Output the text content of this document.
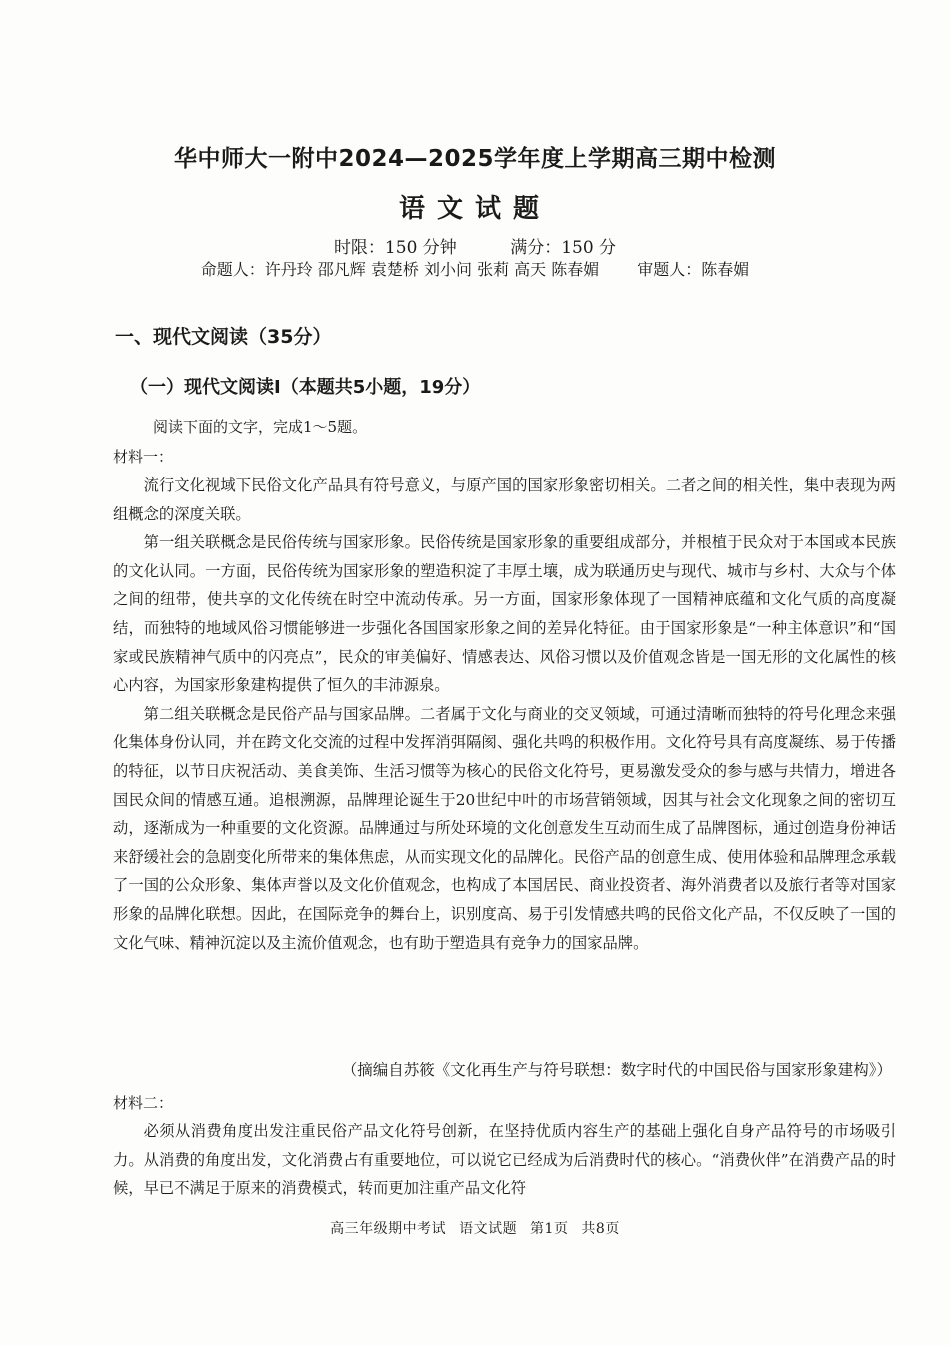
华中师大一附中2024—2025学年度上学期高三期中检测
语文试题
时限：150 分钟	满分：150 分
命题人：许丹玲 邵凡辉 袁楚桥 刘小问 张莉 高天 陈春媚 审题人：陈春媚
一、现代文阅读（35分）
（一）现代文阅读Ⅰ（本题共5小题，19分）
阅读下面的文字，完成1～5题。
材料一：

流行文化视域下民俗文化产品具有符号意义，与原产国的国家形象密切相关。二者之间的相关性，集中表现为两组概念的深度关联。

第一组关联概念是民俗传统与国家形象。民俗传统是国家形象的重要组成部分，并根植于民众对于本国或本民族的文化认同。一方面，民俗传统为国家形象的塑造积淀了丰厚土壤，成为联通历史与现代、城市与乡村、大众与个体之间的纽带，使共享的文化传统在时空中流动传承。另一方面，国家形象体现了一国精神底蕴和文化气质的高度凝结，而独特的地域风俗习惯能够进一步强化各国国家形象之间的差异化特征。由于国家形象是“一种主体意识”和“国家或民族精神气质中的闪亮点”，民众的审美偏好、情感表达、风俗习惯以及价值观念皆是一国无形的文化属性的核心内容，为国家形象建构提供了恒久的丰沛源泉。

第二组关联概念是民俗产品与国家品牌。二者属于文化与商业的交叉领域，可通过清晰而独特的符号化理念来强化集体身份认同，并在跨文化交流的过程中发挥消弭隔阂、强化共鸣的积极作用。文化符号具有高度凝练、易于传播的特征，以节日庆祝活动、美食美饰、生活习惯等为核心的民俗文化符号，更易激发受众的参与感与共情力，增进各国民众间的情感互通。追根溯源，品牌理论诞生于20世纪中叶的市场营销领域，因其与社会文化现象之间的密切互动，逐渐成为一种重要的文化资源。品牌通过与所处环境的文化创意发生互动而生成了品牌图标，通过创造身份神话来舒缓社会的急剧变化所带来的集体焦虑，从而实现文化的品牌化。民俗产品的创意生成、使用体验和品牌理念承载了一国的公众形象、集体声誉以及文化价值观念，也构成了本国居民、商业投资者、海外消费者以及旅行者等对国家形象的品牌化联想。因此，在国际竞争的舞台上，识别度高、易于引发情感共鸣的民俗文化产品，不仅反映了一国的文化气味、精神沉淀以及主流价值观念，也有助于塑造具有竞争力的国家品牌。

（摘编自苏筱《文化再生产与符号联想：数字时代的中国民俗与国家形象建构》）
材料二：

必须从消费角度出发注重民俗产品文化符号创新，在坚持优质内容生产的基础上强化自身产品符号的市场吸引力。从消费的角度出发，文化消费占有重要地位，可以说它已经成为后消费时代的核心。“消费伙伴”在消费产品的时候，早已不满足于原来的消费模式，转而更加注重产品文化符

高三年级期中考试 语文试题 第1页 共8页
